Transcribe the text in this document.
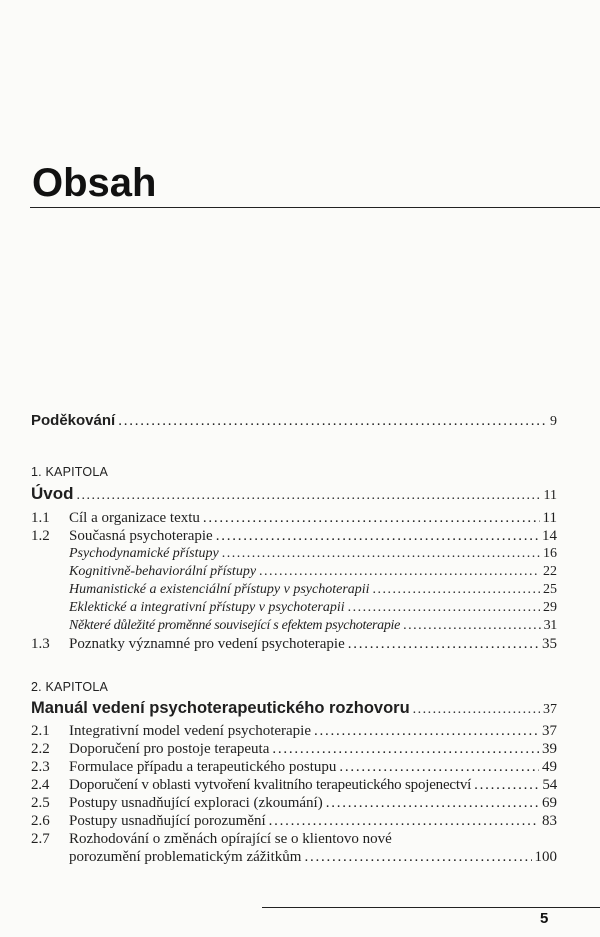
Obsah
Poděkování . . .	9
1. KAPITOLA
Úvod . . .	11
1.1	Cíl a organizace textu . . .	11
1.2	Současná psychoterapie . . .	14
Psychodynamické přístupy . . .	16
Kognitivně-behaviorální přístupy . . .	22
Humanistické a existenciální přístupy v psychoterapii . . .	25
Eklektické a integrativní přístupy v psychoterapii . . .	29
Některé důležité proměnné související s efektem psychoterapie . . .	31
1.3	Poznatky významné pro vedení psychoterapie . . .	35
2. KAPITOLA
Manuál vedení psychoterapeutického rozhovoru . . .	37
2.1	Integrativní model vedení psychoterapie . . .	37
2.2	Doporučení pro postoje terapeuta . . .	39
2.3	Formulace případu a terapeutického postupu . . .	49
2.4	Doporučení v oblasti vytvoření kvalitního terapeutického spojenectví . . .	54
2.5	Postupy usnadňující exploraci (zkoumání) . . .	69
2.6	Postupy usnadňující porozumění . . .	83
2.7	Rozhodování o změnách opírající se o klientovo nové
porozumění problematickým zážitkům . . .	100
5
